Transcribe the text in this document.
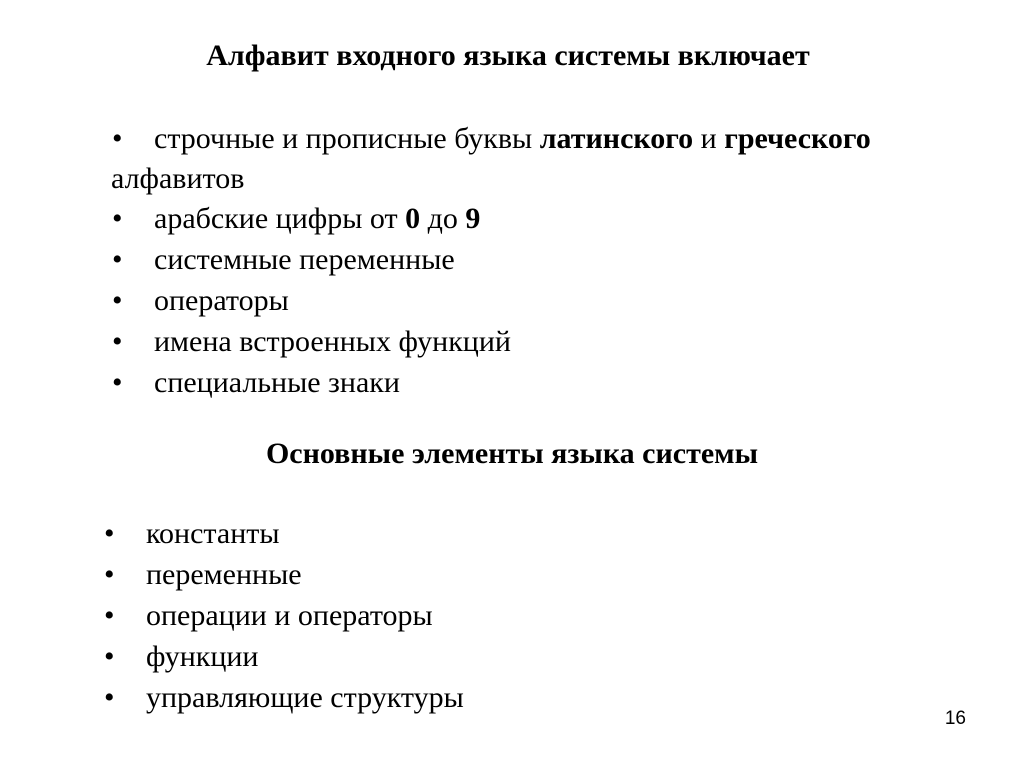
Алфавит входного языка системы включает
• строчные и прописные буквы латинского и греческого
алфавитов
• арабские цифры от 0 до 9
• системные переменные
• операторы
• имена встроенных функций
• специальные знаки
Основные элементы языка системы
• константы
• переменные
• операции и операторы
• функции
• управляющие структуры
16
